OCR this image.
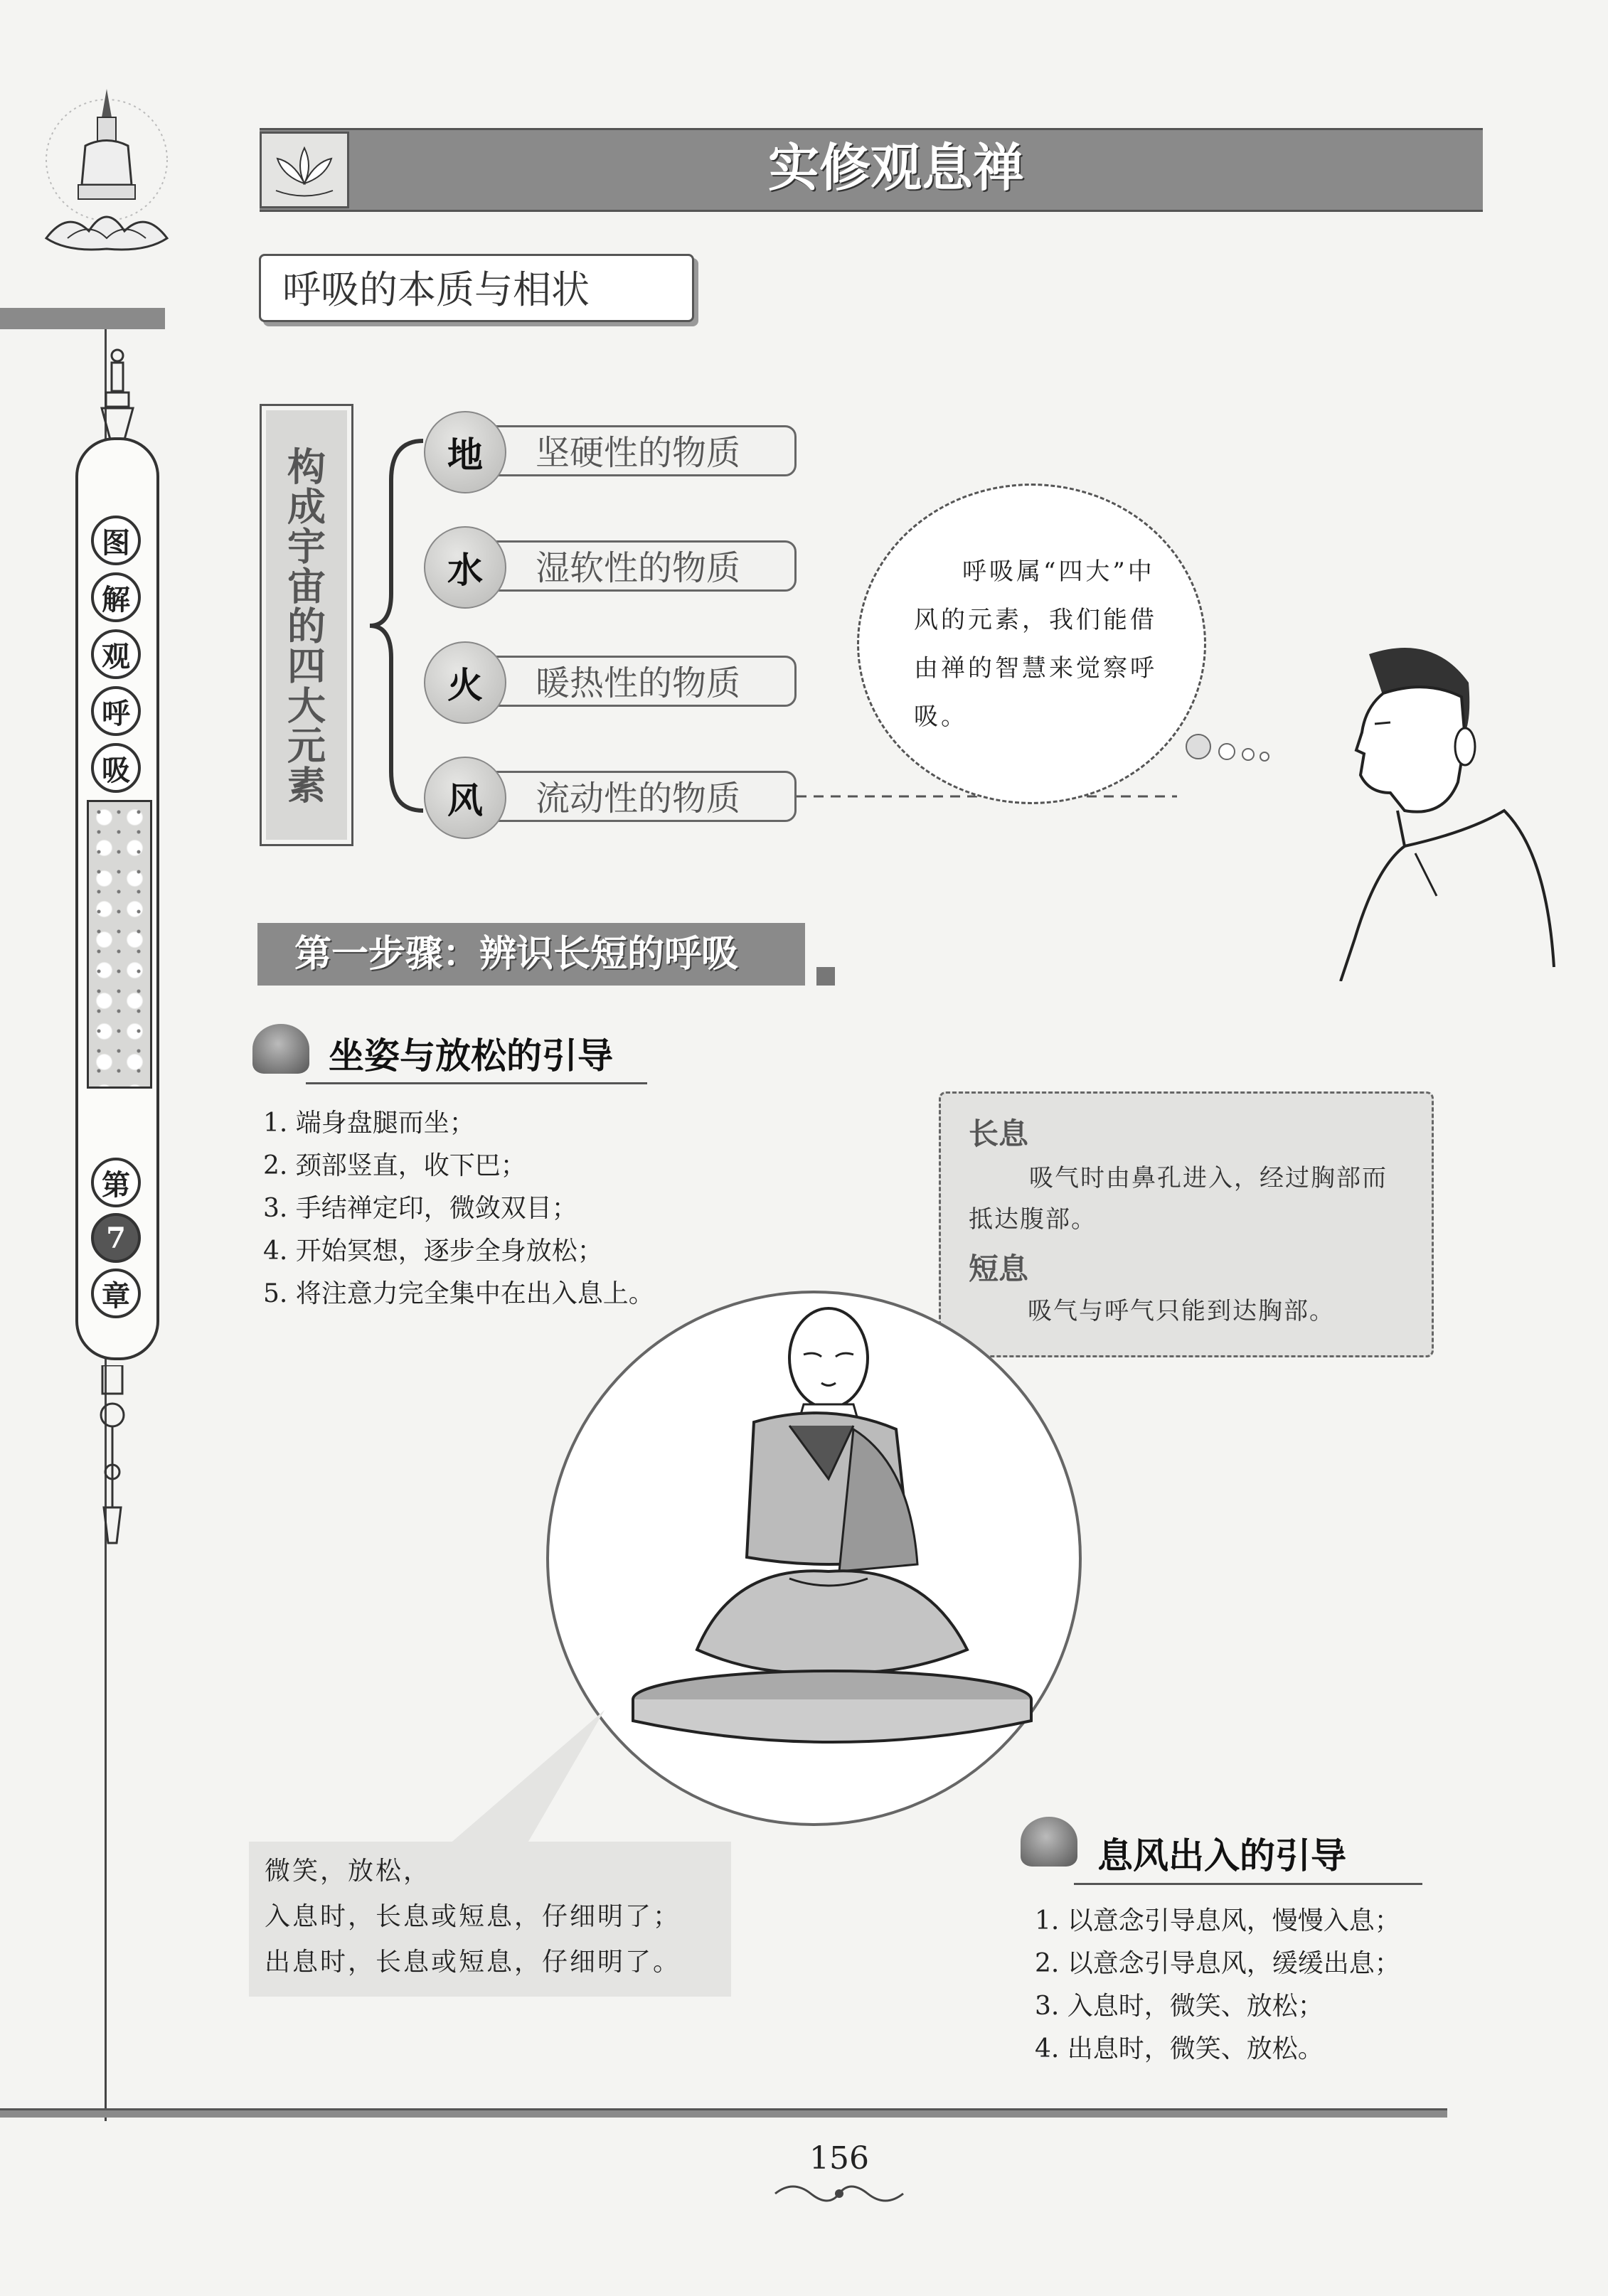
图
解
观
呼
吸
第
7
章
实修观息禅
呼吸的本质与相状
构成宇宙的四大元素	坚硬性的物质
地
湿软性的物质
水
暖热性的物质
火
流动性的物质
风
呼吸属“四大”中风的元素，我们能借由禅的智慧来觉察呼吸。
第一步骤：辨识长短的呼吸
坐姿与放松的引导
1. 端身盘腿而坐；
2. 颈部竖直，收下巴；
3. 手结禅定印，微敛双目；
4. 开始冥想，逐步全身放松；
5. 将注意力完全集中在出入息上。
长息
吸气时由鼻孔进入，经过胸部而抵达腹部。
短息
吸气与呼气只能到达胸部。
微笑，放松，
入息时，长息或短息，仔细明了；
出息时，长息或短息，仔细明了。
息风出入的引导
1. 以意念引导息风，慢慢入息；
2. 以意念引导息风，缓缓出息；
3. 入息时，微笑、放松；
4. 出息时，微笑、放松。
156
